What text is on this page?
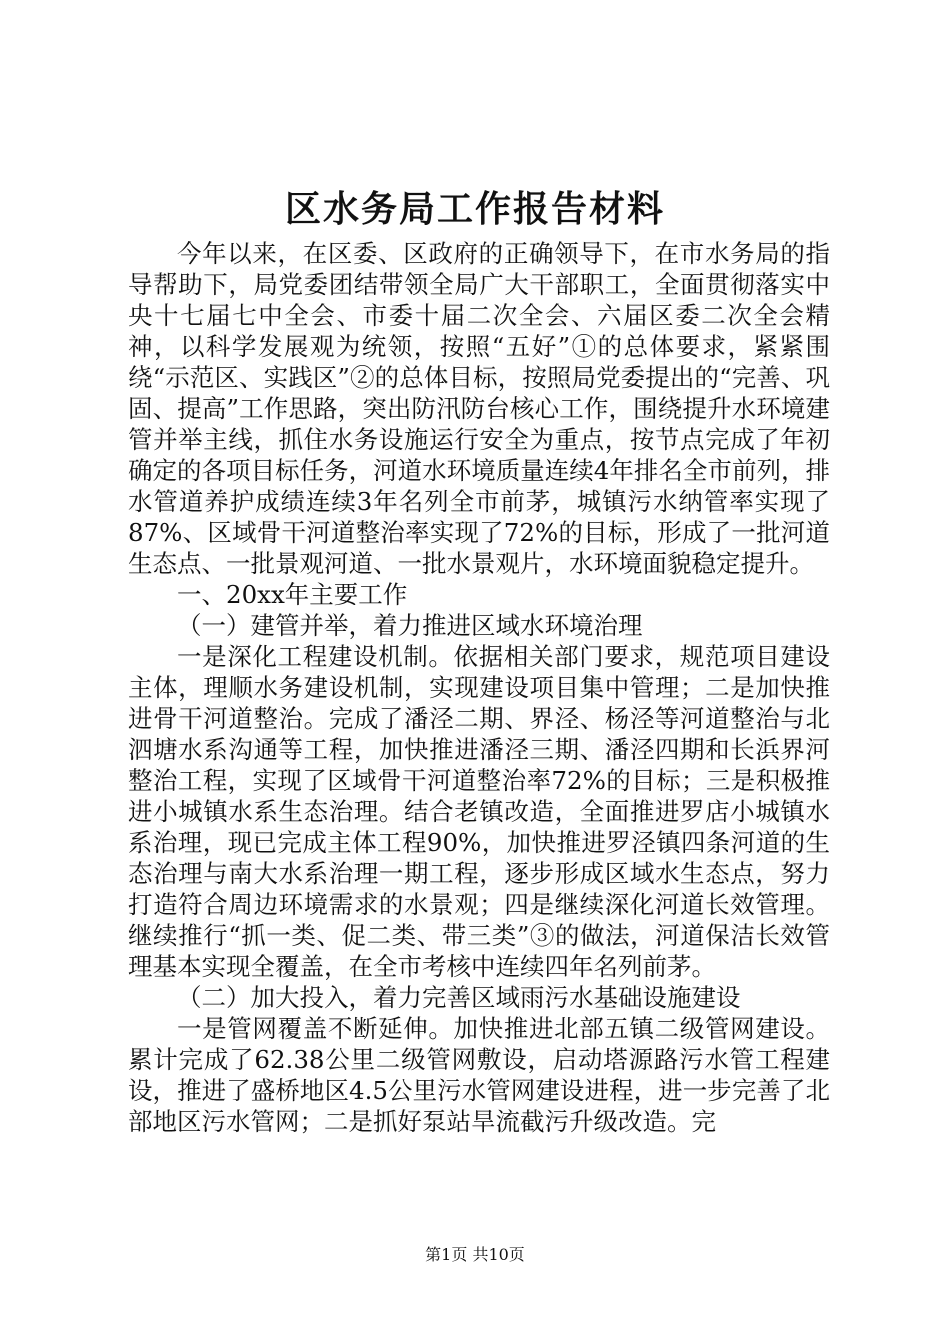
区水务局工作报告材料

今年以来，在区委、区政府的正确领导下，在市水务局的指导帮助下，局党委团结带领全局广大干部职工，全面贯彻落实中央十七届七中全会、市委十届二次全会、六届区委二次全会精神，以科学发展观为统领，按照“五好”①的总体要求，紧紧围绕“示范区、实践区”②的总体目标，按照局党委提出的“完善、巩固、提高”工作思路，突出防汛防台核心工作，围绕提升水环境建管并举主线，抓住水务设施运行安全为重点，按节点完成了年初确定的各项目标任务，河道水环境质量连续4年排名全市前列，排水管道养护成绩连续3年名列全市前茅，城镇污水纳管率实现了87%、区域骨干河道整治率实现了72%的目标，形成了一批河道生态点、一批景观河道、一批水景观片，水环境面貌稳定提升。

一、20xx年主要工作

（一）建管并举，着力推进区域水环境治理

一是深化工程建设机制。依据相关部门要求，规范项目建设主体，理顺水务建设机制，实现建设项目集中管理；二是加快推进骨干河道整治。完成了潘泾二期、界泾、杨泾等河道整治与北泗塘水系沟通等工程，加快推进潘泾三期、潘泾四期和长浜界河整治工程，实现了区域骨干河道整治率72%的目标；三是积极推进小城镇水系生态治理。结合老镇改造，全面推进罗店小城镇水系治理，现已完成主体工程90%，加快推进罗泾镇四条河道的生态治理与南大水系治理一期工程，逐步形成区域水生态点，努力打造符合周边环境需求的水景观；四是继续深化河道长效管理。继续推行“抓一类、促二类、带三类”③的做法，河道保洁长效管理基本实现全覆盖，在全市考核中连续四年名列前茅。

（二）加大投入，着力完善区域雨污水基础设施建设

一是管网覆盖不断延伸。加快推进北部五镇二级管网建设。累计完成了62.38公里二级管网敷设，启动塔源路污水管工程建设，推进了盛桥地区4.5公里污水管网建设进程，进一步完善了北部地区污水管网；二是抓好泵站旱流截污升级改造。完

第1页 共10页
